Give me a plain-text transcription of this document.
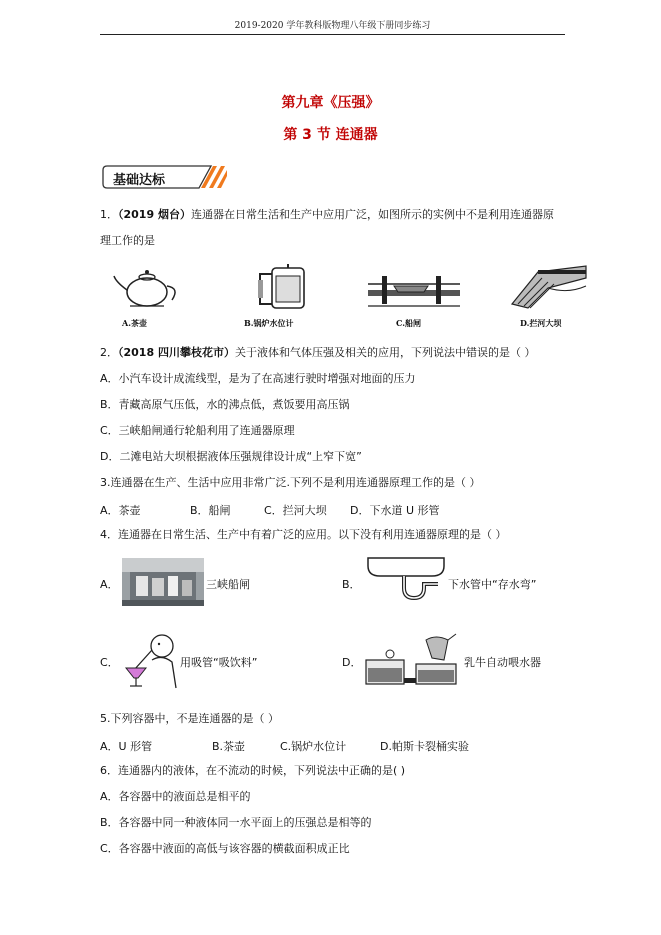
2019-2020 学年教科版物理八年级下册同步练习
第九章《压强》
第 3 节 连通器
基础达标
1．（2019 烟台）连通器在日常生活和生产中应用广泛，如图所示的实例中不是利用连通器原
理工作的是
A.茶壶	B.锅炉水位计	C.船闸	D.拦河大坝
2．（2018 四川攀枝花市）关于液体和气体压强及相关的应用，下列说法中错误的是（ ）
A．小汽车设计成流线型，是为了在高速行驶时增强对地面的压力
B．青藏高原气压低，水的沸点低，煮饭要用高压锅
C．三峡船闸通行轮船利用了连通器原理
D．二滩电站大坝根据液体压强规律设计成“上窄下宽”
3.连通器在生产、生活中应用非常广泛.下列不是利用连通器原理工作的是（ ）
A．茶壶	B．船闸	C．拦河大坝 D．下水道 U 形管
4．连通器在日常生活、生产中有着广泛的应用。以下没有利用连通器原理的是（ ）
A．	三峡船闸	B．	下水管中“存水弯”
C．	用吸管“吸饮料”	D．	乳牛自动喂水器
5.下列容器中，不是连通器的是（ ）
A．U 形管	B.茶壶	C.锅炉水位计	D.帕斯卡裂桶实验
6．连通器内的液体，在不流动的时候，下列说法中正确的是( )
A．各容器中的液面总是相平的
B．各容器中同一种液体同一水平面上的压强总是相等的
C．各容器中液面的高低与该容器的横截面积成正比
